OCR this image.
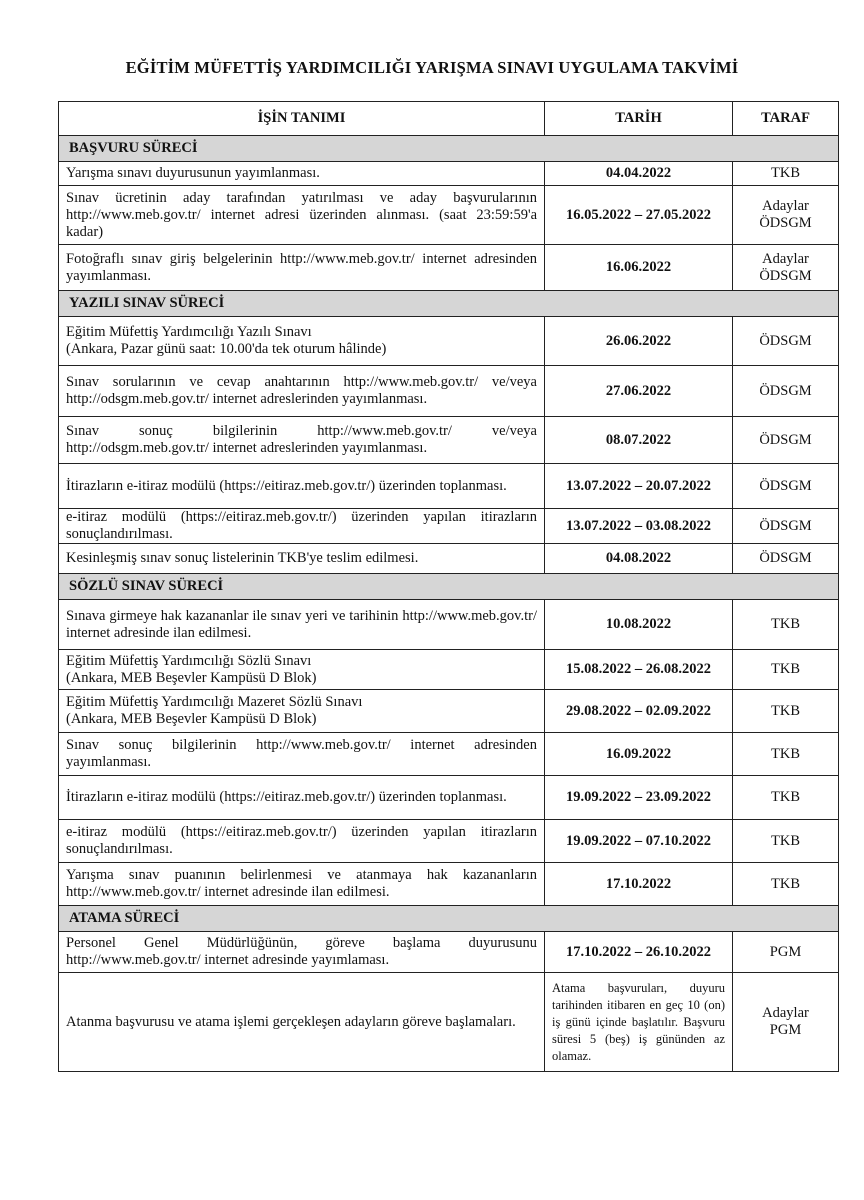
EĞİTİM MÜFETTİŞ YARDIMCILIĞI YARIŞMA SINAVI UYGULAMA TAKVİMİ
İŞİN TANIMI	TARİH	TARAF
BAŞVURU SÜRECİ		
Yarışma sınavı duyurusunun yayımlanması.	04.04.2022	TKB

Sınav ücretinin aday tarafından yatırılması ve aday başvurularının http://www.meb.gov.tr/ internet adresi üzerinden alınması. (saat 23:59:59'a kadar)	16.05.2022 – 27.05.2022	Adaylar
ÖDSGM

Fotoğraflı sınav giriş belgelerinin http://www.meb.gov.tr/ internet adresinden yayımlanması.	16.06.2022	Adaylar
ÖDSGM

YAZILI SINAV SÜRECİ		

Eğitim Müfettiş Yardımcılığı Yazılı Sınavı
(Ankara, Pazar günü saat: 10.00'da tek oturum hâlinde)	26.06.2022	ÖDSGM

Sınav sorularının ve cevap anahtarının http://www.meb.gov.tr/ ve/veya http://odsgm.meb.gov.tr/ internet adreslerinden yayımlanması.	27.06.2022	ÖDSGM

Sınav sonuç bilgilerinin http://www.meb.gov.tr/ ve/veya http://odsgm.meb.gov.tr/ internet adreslerinden yayımlanması.	08.07.2022	ÖDSGM

İtirazların e-itiraz modülü (https://eitiraz.meb.gov.tr/) üzerinden toplanması.	13.07.2022 – 20.07.2022	ÖDSGM

e-itiraz modülü (https://eitiraz.meb.gov.tr/) üzerinden yapılan itirazların sonuçlandırılması.	13.07.2022 – 03.08.2022	ÖDSGM

Kesinleşmiş sınav sonuç listelerinin TKB'ye teslim edilmesi.	04.08.2022	ÖDSGM

SÖZLÜ SINAV SÜRECİ		
Sınava girmeye hak kazananlar ile sınav yeri ve tarihinin http://www.meb.gov.tr/ internet adresinde ilan edilmesi.	10.08.2022	TKB

Eğitim Müfettiş Yardımcılığı Sözlü Sınavı
(Ankara, MEB Beşevler Kampüsü D Blok)	15.08.2022 – 26.08.2022	TKB

Eğitim Müfettiş Yardımcılığı Mazeret Sözlü Sınavı
(Ankara, MEB Beşevler Kampüsü D Blok)	29.08.2022 – 02.09.2022	TKB

Sınav sonuç bilgilerinin http://www.meb.gov.tr/ internet adresinden yayımlanması.	16.09.2022	TKB

İtirazların e-itiraz modülü (https://eitiraz.meb.gov.tr/) üzerinden toplanması.	19.09.2022 – 23.09.2022	TKB

e-itiraz modülü (https://eitiraz.meb.gov.tr/) üzerinden yapılan itirazların sonuçlandırılması.	19.09.2022 – 07.10.2022	TKB

Yarışma sınav puanının belirlenmesi ve atanmaya hak kazananların http://www.meb.gov.tr/ internet adresinde ilan edilmesi.	17.10.2022	TKB

ATAMA SÜRECİ		
Personel Genel Müdürlüğünün, göreve başlama duyurusunu http://www.meb.gov.tr/ internet adresinde yayımlaması.	17.10.2022 – 26.10.2022	PGM

Atanma başvurusu ve atama işlemi gerçekleşen adayların göreve başlamaları.	Atama başvuruları, duyuru tarihinden itibaren en geç 10 (on) iş günü içinde başlatılır. Başvuru süresi 5 (beş) iş gününden az olamaz.	Adaylar
PGM
